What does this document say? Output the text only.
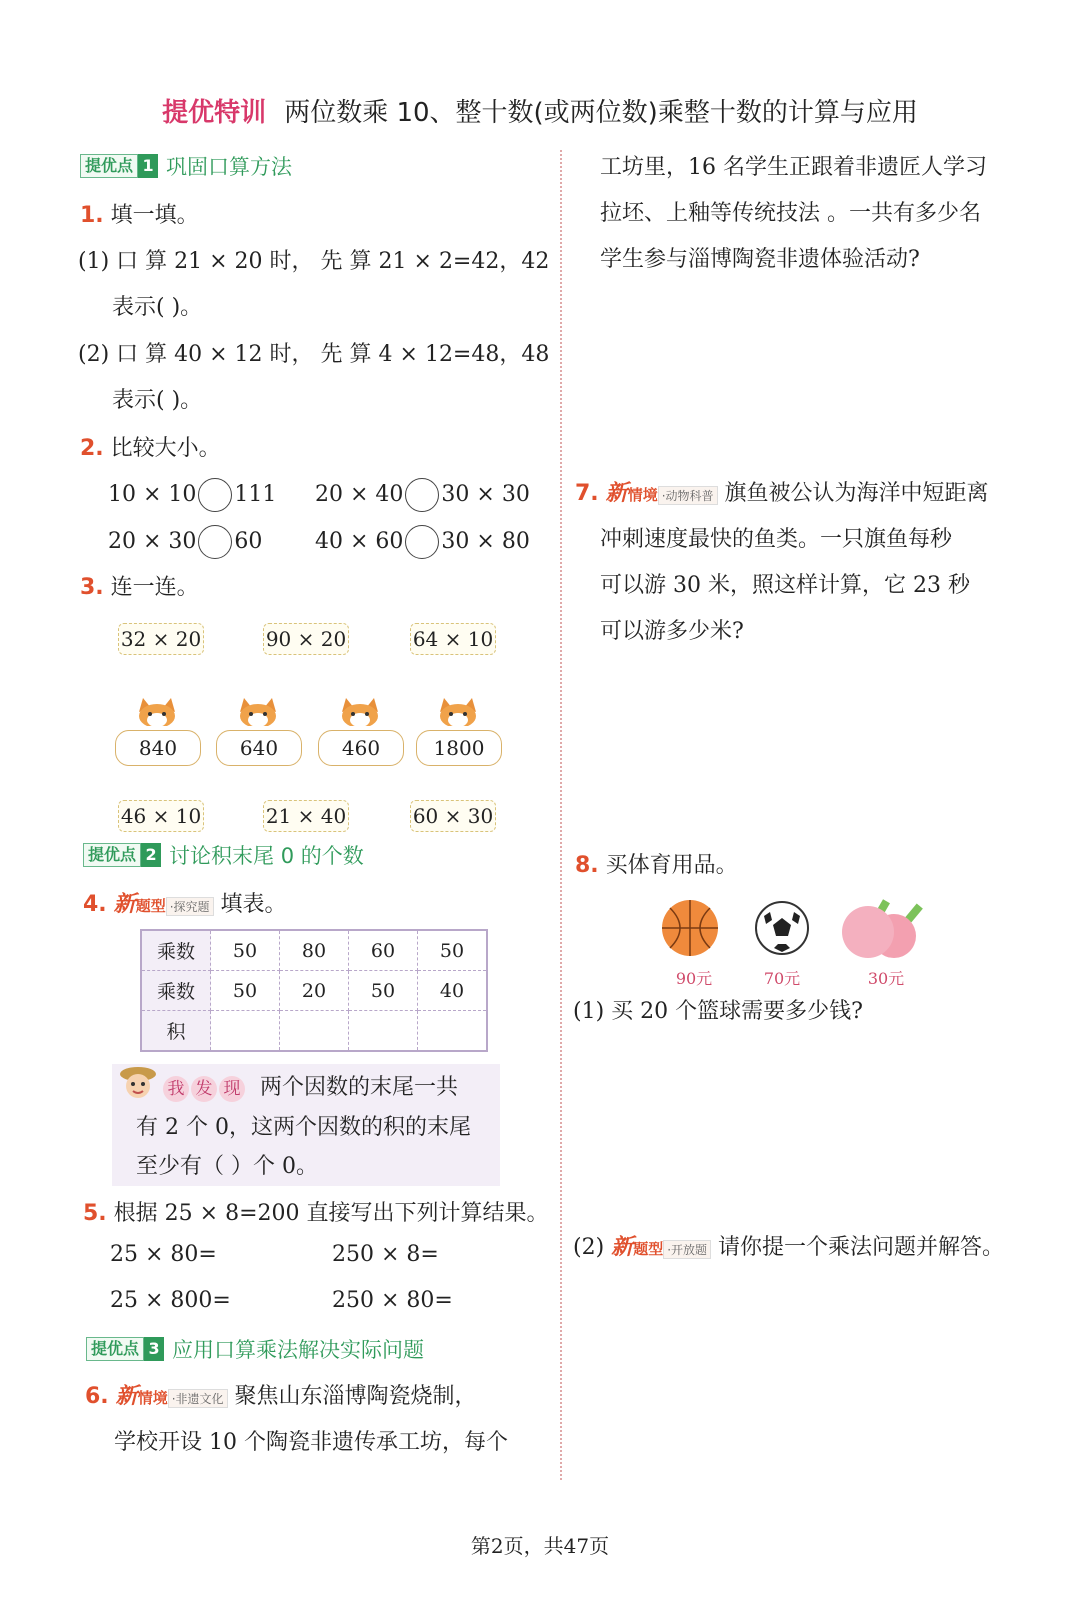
提优特训 两位数乘 10、整十数(或两位数)乘整十数的计算与应用
提优点 1 巩固口算方法
1. 填一填。
(1) 口 算 21 × 20 时， 先 算 21 × 2=42，42
表示( )。
(2) 口 算 40 × 12 时， 先 算 4 × 12=48，48
表示( )。
2. 比较大小。
10 × 10 111 20 × 40 30 × 30
20 × 30 60 40 × 60 30 × 80
3. 连一连。
32 × 20	90 × 20	64 × 10
840	640	460	1800
46 × 10	21 × 40	60 × 30
提优点 2 讨论积末尾 0 的个数
4. 新 题型 ·探究题 填表。
乘数	50	80	60	50
乘数	50	20	50	40
积				
我 发 现 两个因数的末尾一共
有 2 个 0，这两个因数的积的末尾
至少有（ ）个 0。
5. 根据 25 × 8=200 直接写出下列计算结果。
25 × 80=	250 × 8=
25 × 800=	250 × 80=
提优点 3 应用口算乘法解决实际问题
6. 新 情境 ·非遗文化 聚焦山东淄博陶瓷烧制，
学校开设 10 个陶瓷非遗传承工坊，每个
工坊里，16 名学生正跟着非遗匠人学习
拉坯、上釉等传统技法 。一共有多少名
学生参与淄博陶瓷非遗体验活动?
7. 新 情境 ·动物科普 旗鱼被公认为海洋中短距离
冲刺速度最快的鱼类。一只旗鱼每秒
可以游 30 米，照这样计算，它 23 秒
可以游多少米?
8. 买体育用品。
90元	70元	30元
(1) 买 20 个篮球需要多少钱?
(2) 新 题型 ·开放题 请你提一个乘法问题并解答。
第2页，共47页
